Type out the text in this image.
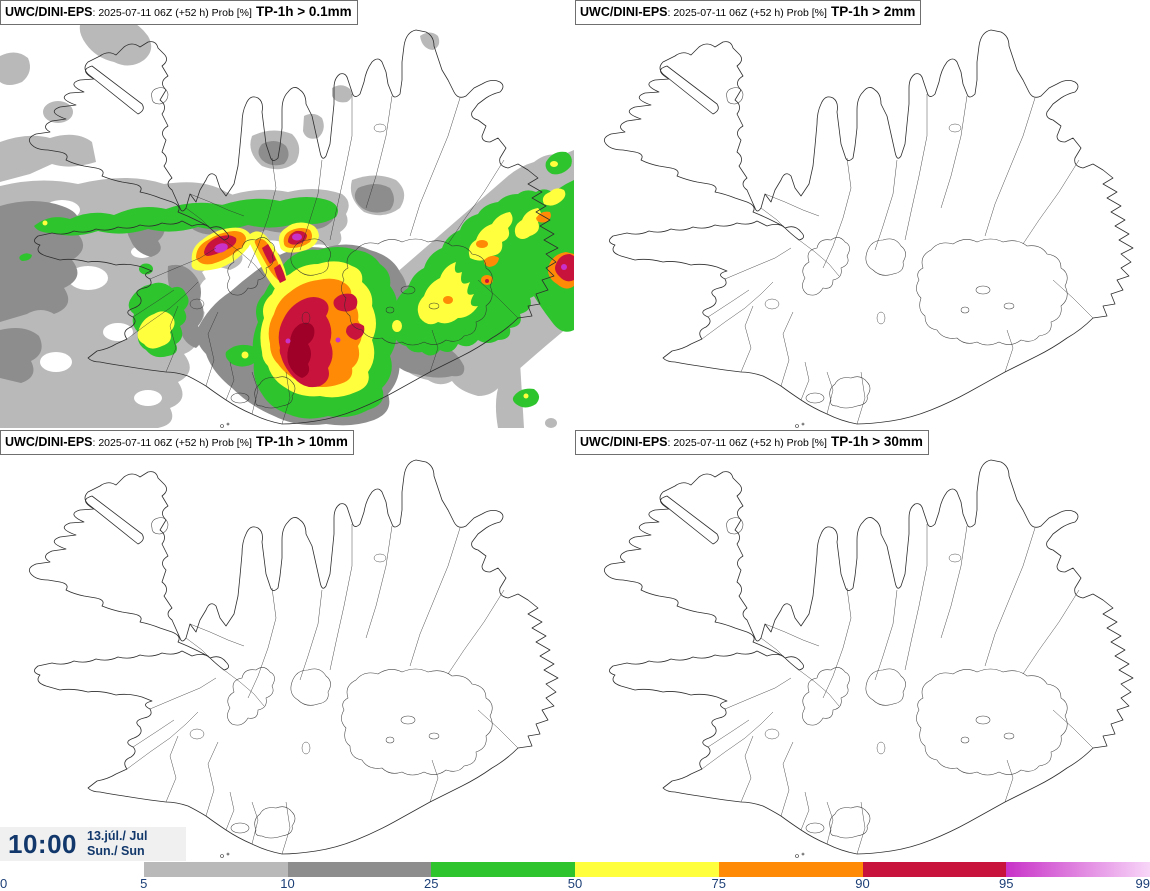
UWC/DINI-EPS: 2025-07-11 06Z (+52 h) Prob [%] TP-1h > 0.1mm	UWC/DINI-EPS: 2025-07-11 06Z (+52 h) Prob [%] TP-1h > 2mm
UWC/DINI-EPS: 2025-07-11 06Z (+52 h) Prob [%] TP-1h > 10mm	UWC/DINI-EPS: 2025-07-11 06Z (+52 h) Prob [%] TP-1h > 30mm
10:00 13.júl./ Jul
Sun./ Sun
0	5	10	25	50	75	90	95	99
